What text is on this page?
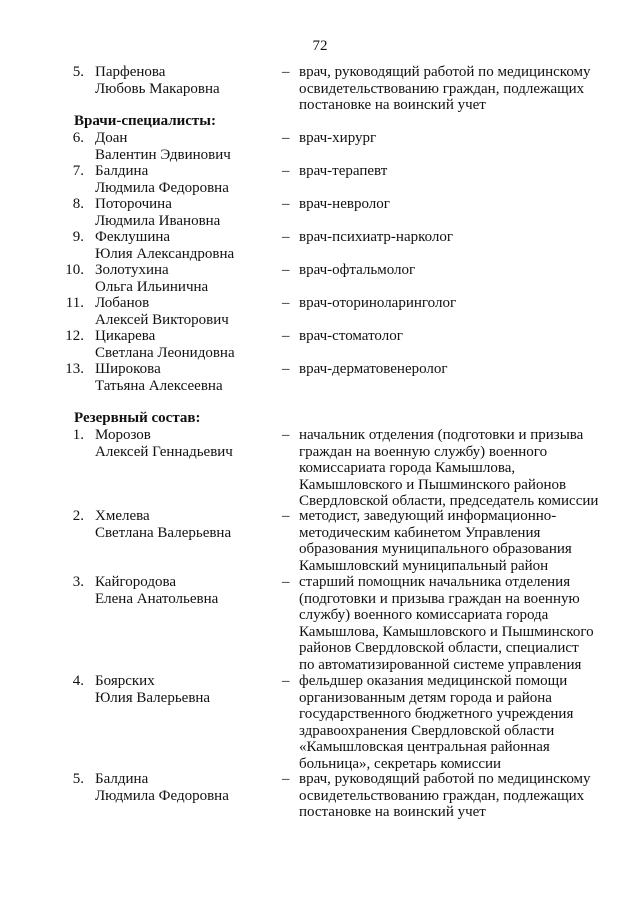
72
5. Парфенова
Любовь Макаровна
– врач, руководящий работой по медицинскому
освидетельствованию граждан, подлежащих
постановке на воинский учет
Врачи-специалисты:
6. Доан
Валентин Эдвинович
– врач-хирург
7. Балдина
Людмила Федоровна
– врач-терапевт
8. Поторочина
Людмила Ивановна
– врач-невролог
9. Феклушина
Юлия Александровна
– врач-психиатр-нарколог
10. Золотухина
Ольга Ильинична
– врач-офтальмолог
11. Лобанов
Алексей Викторович
– врач-оториноларинголог
12. Цикарева
Светлана Леонидовна
– врач-стоматолог
13. Широкова
Татьяна Алексеевна
– врач-дерматовенеролог
Резервный состав:
1. Морозов
Алексей Геннадьевич
– начальник отделения (подготовки и призыва
граждан на военную службу) военного
комиссариата города Камышлова,
Камышловского и Пышминского районов
Свердловской области, председатель комиссии
2. Хмелева
Светлана Валерьевна
– методист, заведующий информационно-
методическим кабинетом Управления
образования муниципального образования
Камышловский муниципальный район
3. Кайгородова
Елена Анатольевна
– старший помощник начальника отделения
(подготовки и призыва граждан на военную
службу) военного комиссариата города
Камышлова, Камышловского и Пышминского
районов Свердловской области, специалист
по автоматизированной системе управления
4. Боярских
Юлия Валерьевна
– фельдшер оказания медицинской помощи
организованным детям города и района
государственного бюджетного учреждения
здравоохранения Свердловской области
«Камышловская центральная районная
больница», секретарь комиссии
5. Балдина
Людмила Федоровна
– врач, руководящий работой по медицинскому
освидетельствованию граждан, подлежащих
постановке на воинский учет
